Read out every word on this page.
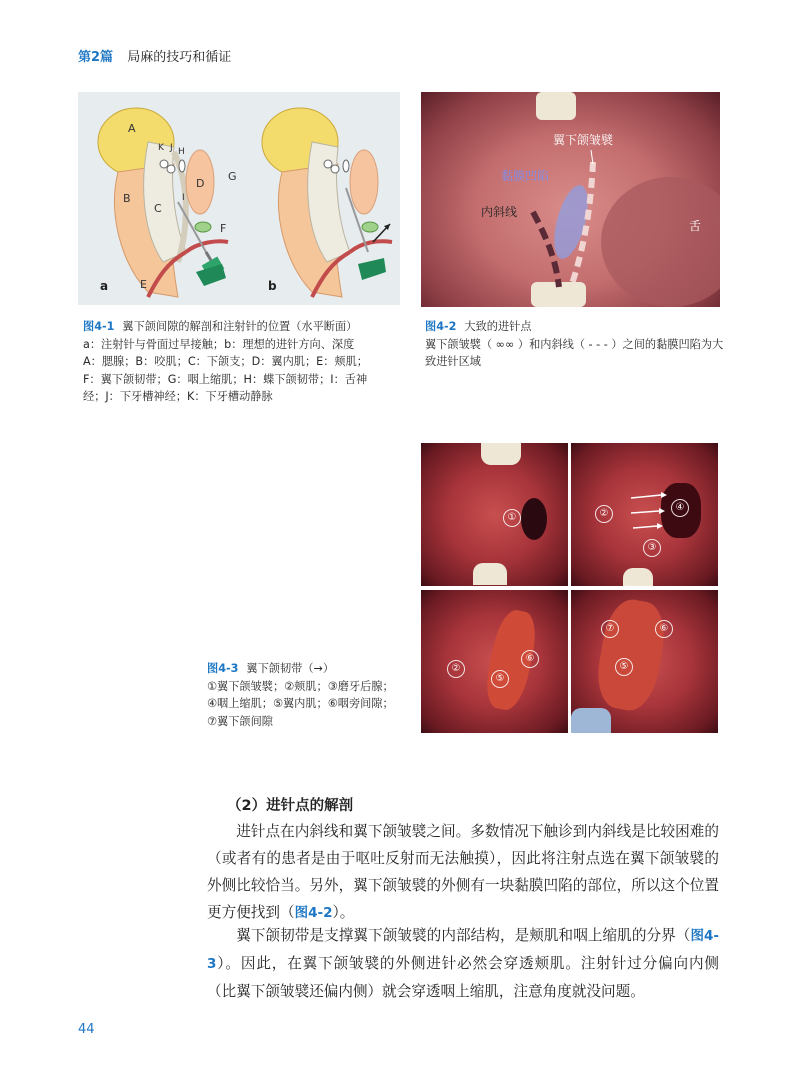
第2篇 局麻的技巧和循证
A
B
C
D
E
F
G
H
I
J
K
a	b
翼下颌皱襞
黏膜凹陷
内斜线
舌
图4-1 翼下颌间隙的解剖和注射针的位置（水平断面）
a：注射针与骨面过早接触；b：理想的进针方向、深度
A：腮腺；B：咬肌；C：下颌支；D：翼内肌；E：颊肌；
F：翼下颌韧带；G：咽上缩肌；H：蝶下颌韧带；I：舌神
经；J：下牙槽神经；K：下牙槽动静脉
图4-2 大致的进针点
翼下颌皱襞（ ∞∞ ）和内斜线（ - - - ）之间的黏膜凹陷为大
致进针区域
①	②
④
③
②
⑥
⑤
⑦	⑥
⑤
图4-3 翼下颌韧带（→）
①翼下颌皱襞；②颊肌；③磨牙后腺；
④咽上缩肌；⑤翼内肌；⑥咽旁间隙；
⑦翼下颌间隙
（2）进针点的解剖
进针点在内斜线和翼下颌皱襞之间。多数情况下触诊到内斜线是比较困难的（或者有的患者是由于呕吐反射而无法触摸），因此将注射点选在翼下颌皱襞的外侧比较恰当。另外，翼下颌皱襞的外侧有一块黏膜凹陷的部位，所以这个位置更方便找到（图4-2）。
翼下颌韧带是支撑翼下颌皱襞的内部结构，是颊肌和咽上缩肌的分界（图4-3）。因此，在翼下颌皱襞的外侧进针必然会穿透颊肌。注射针过分偏向内侧（比翼下颌皱襞还偏内侧）就会穿透咽上缩肌，注意角度就没问题。
44
